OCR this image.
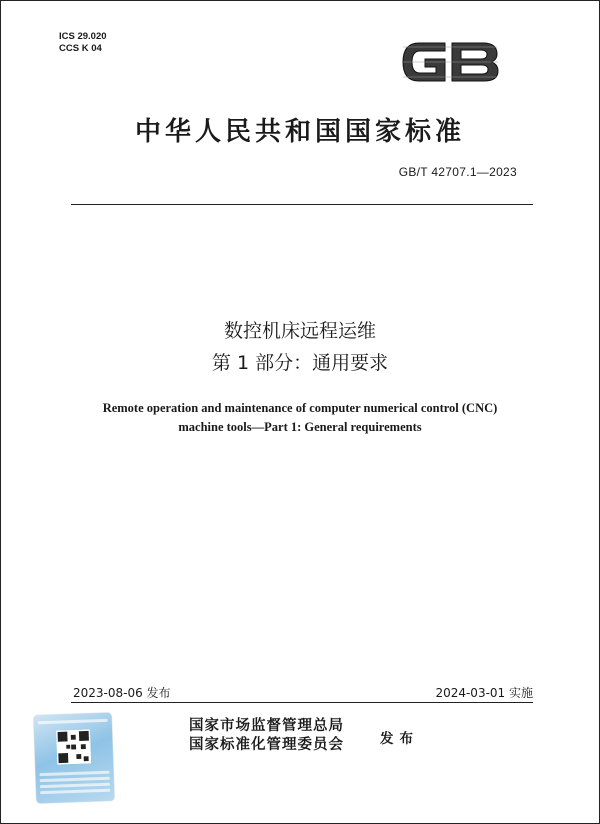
ICS 29.020
CCS K 04
中华人民共和国国家标准
GB/T 42707.1—2023
数控机床远程运维
第 1 部分：通用要求
Remote operation and maintenance of computer numerical control (CNC)
machine tools—Part 1: General requirements
2023-08-06 发布	2024-03-01 实施
国家市场监督管理总局
国家标准化管理委员会	发布
